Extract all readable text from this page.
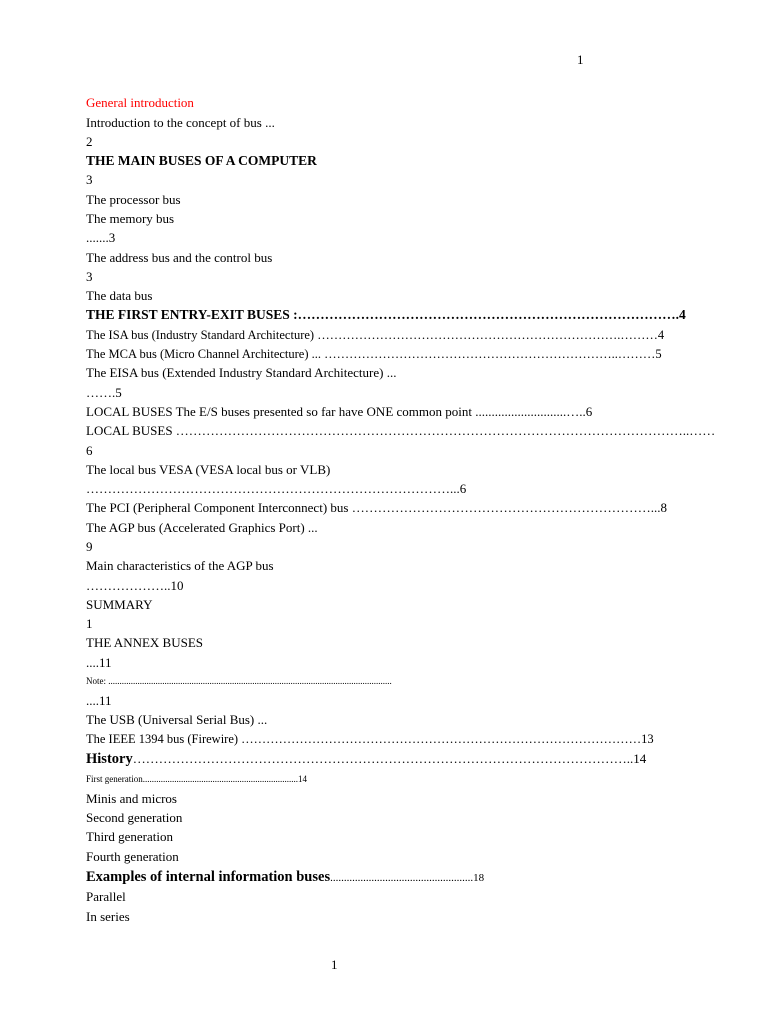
1
General introduction
Introduction to the concept of bus ...
2
THE MAIN BUSES OF A COMPUTER
3
The processor bus
The memory bus
.......3
The address bus and the control bus
3
The data bus
THE FIRST ENTRY-EXIT BUSES :………………………………………………………………………….4
The ISA bus (Industry Standard Architecture) ……………………………………………………………….………4
The MCA bus (Micro Channel Architecture) ... ……………………………………………………………..………5
The EISA bus (Extended Industry Standard Architecture) ...
…….5
LOCAL BUSES The E/S buses presented so far have ONE common point ............................…..6
LOCAL BUSES ………………………………………………………………………………………………………..……
6
The local bus VESA (VESA local bus or VLB)
…………………………………………………………………………...6
The PCI (Peripheral Component Interconnect) bus ……………………………………………………………...8
The AGP bus (Accelerated Graphics Port) ...
9
Main characteristics of the AGP bus
………………..10
SUMMARY
1
THE ANNEX BUSES
....11
Note: ..............................................................................................................................
....11
The USB (Universal Serial Bus) ...
The IEEE 1394 bus (Firewire) ……………………………………………………………………………………13
History……………………………………………………………………………………………………..14
First generation.....................................................................14
Minis and micros
Second generation
Third generation
Fourth generation
Examples of internal information buses....................................................18
Parallel
In series
1
